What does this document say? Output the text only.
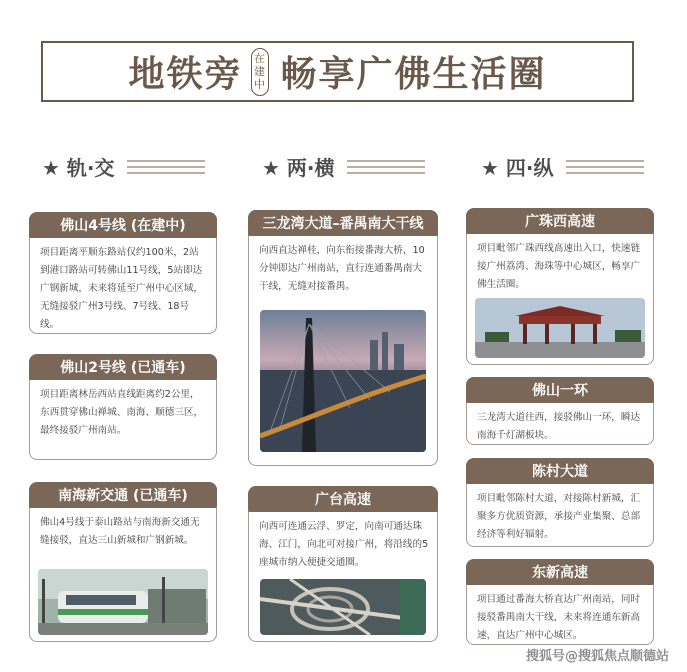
地铁旁 在
建
中 畅享广佛生活圈
★ 轨·交	★ 两·横	★ 四·纵
佛山4号线 (在建中)
项目距离平顺东路站仅约100米，2站到港口路站可转佛山11号线，5站即达广钢新城，未来将延至广州中心区域，无缝接驳广州3号线、7号线、18号线。
佛山2号线 (已通车)
项目距离林岳西站直线距离约2公里，东西贯穿佛山禅城、南海、顺德三区，最终接驳广州南站。
南海新交通 (已通车)
佛山4号线于泰山路站与南海新交通无缝接驳，直达三山新城和广钢新城。
三龙湾大道–番禺南大干线
向西直达禅桂，向东衔接番海大桥，10分钟即达广州南站，直行连通番禺南大干线，无缝对接番禺。
广台高速
向西可连通云浮、罗定，向南可通达珠海、江门，向北可对接广州，将沿线的5座城市纳入便捷交通圈。
广珠西高速
项目毗邻广珠西线高速出入口，快速链接广州荔湾、海珠等中心城区，畅享广佛生活圈。
佛山一环
三龙湾大道往西，接驳佛山一环，瞬达南海千灯湖板块。
陈村大道
项目毗邻陈村大道，对接陈村新城，汇聚多方优质资源，承接产业集聚、总部经济等利好辐射。
东新高速
项目通过番海大桥直达广州南站，同时接驳番禺南大干线，未来将连通东新高速，直达广州中心城区。
搜狐号@搜狐焦点顺德站
